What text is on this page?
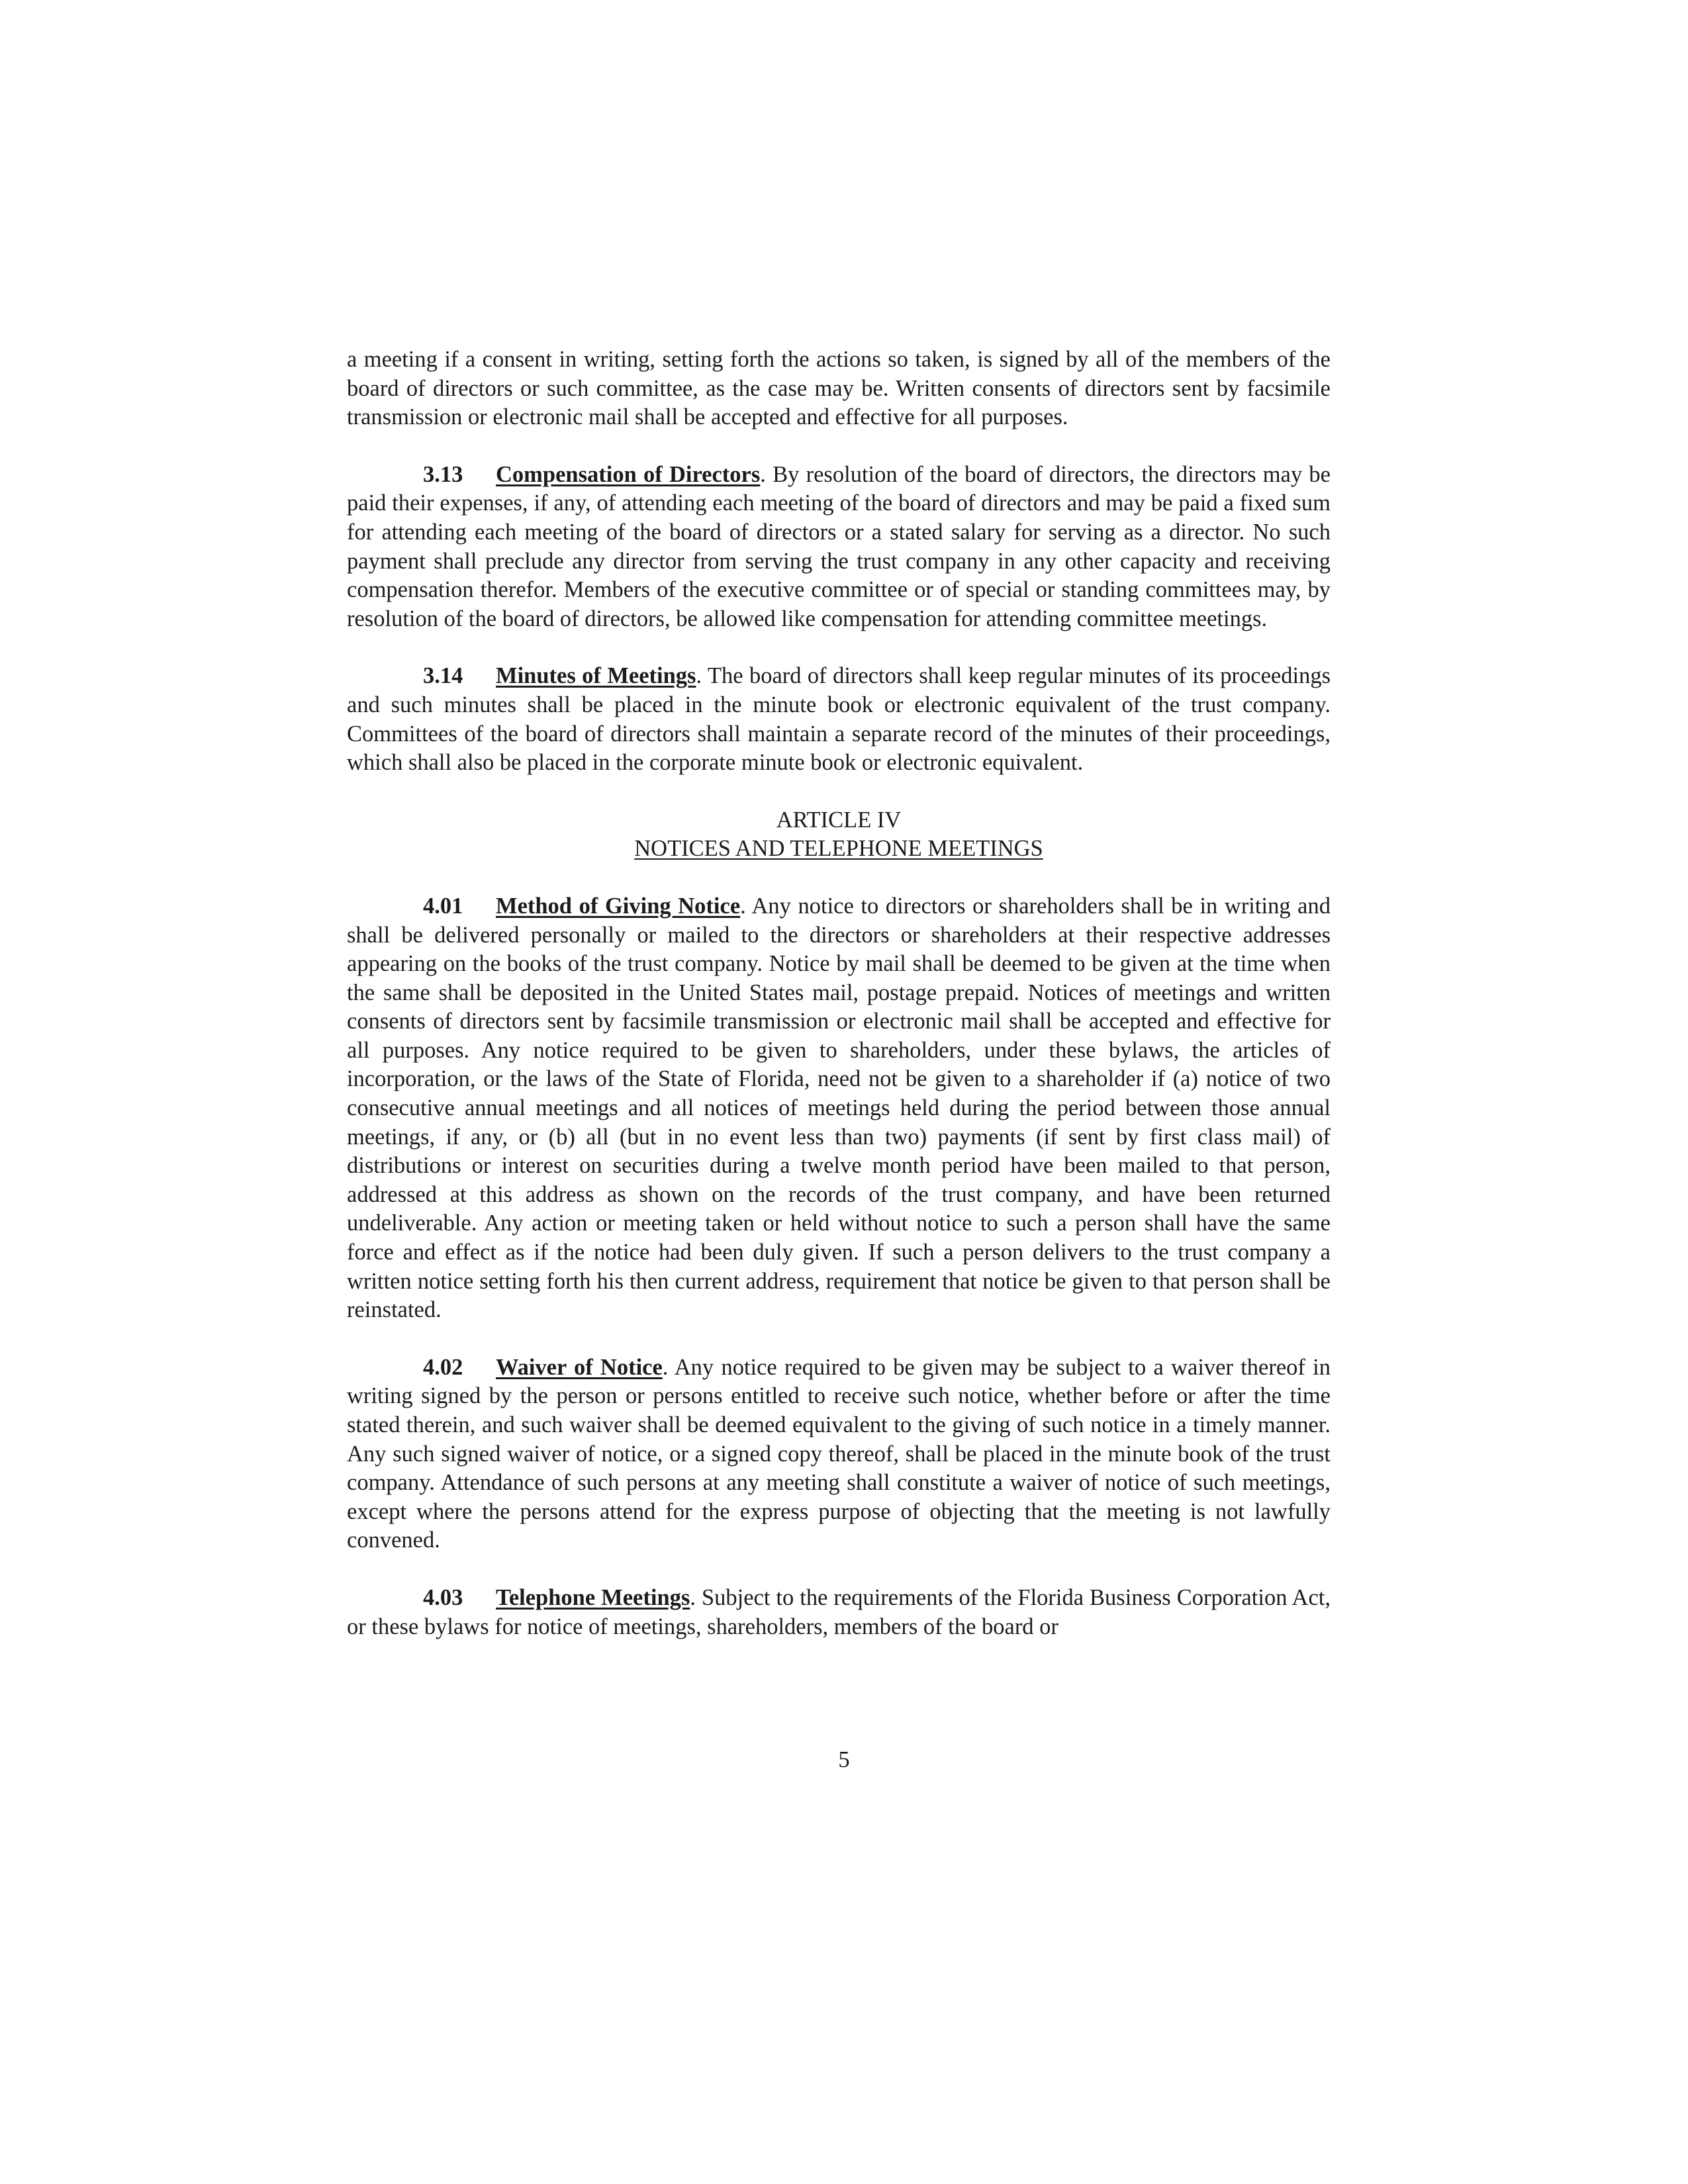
a meeting if a consent in writing, setting forth the actions so taken, is signed by all of the members of the board of directors or such committee, as the case may be. Written consents of directors sent by facsimile transmission or electronic mail shall be accepted and effective for all purposes.

3.13 Compensation of Directors. By resolution of the board of directors, the directors may be paid their expenses, if any, of attending each meeting of the board of directors and may be paid a fixed sum for attending each meeting of the board of directors or a stated salary for serving as a director. No such payment shall preclude any director from serving the trust company in any other capacity and receiving compensation therefor. Members of the executive committee or of special or standing committees may, by resolution of the board of directors, be allowed like compensation for attending committee meetings.

3.14 Minutes of Meetings. The board of directors shall keep regular minutes of its proceedings and such minutes shall be placed in the minute book or electronic equivalent of the trust company. Committees of the board of directors shall maintain a separate record of the minutes of their proceedings, which shall also be placed in the corporate minute book or electronic equivalent.

ARTICLE IV
NOTICES AND TELEPHONE MEETINGS

4.01 Method of Giving Notice. Any notice to directors or shareholders shall be in writing and shall be delivered personally or mailed to the directors or shareholders at their respective addresses appearing on the books of the trust company. Notice by mail shall be deemed to be given at the time when the same shall be deposited in the United States mail, postage prepaid. Notices of meetings and written consents of directors sent by facsimile transmission or electronic mail shall be accepted and effective for all purposes. Any notice required to be given to shareholders, under these bylaws, the articles of incorporation, or the laws of the State of Florida, need not be given to a shareholder if (a) notice of two consecutive annual meetings and all notices of meetings held during the period between those annual meetings, if any, or (b) all (but in no event less than two) payments (if sent by first class mail) of distributions or interest on securities during a twelve month period have been mailed to that person, addressed at this address as shown on the records of the trust company, and have been returned undeliverable. Any action or meeting taken or held without notice to such a person shall have the same force and effect as if the notice had been duly given. If such a person delivers to the trust company a written notice setting forth his then current address, requirement that notice be given to that person shall be reinstated.

4.02 Waiver of Notice. Any notice required to be given may be subject to a waiver thereof in writing signed by the person or persons entitled to receive such notice, whether before or after the time stated therein, and such waiver shall be deemed equivalent to the giving of such notice in a timely manner. Any such signed waiver of notice, or a signed copy thereof, shall be placed in the minute book of the trust company. Attendance of such persons at any meeting shall constitute a waiver of notice of such meetings, except where the persons attend for the express purpose of objecting that the meeting is not lawfully convened.

4.03 Telephone Meetings. Subject to the requirements of the Florida Business Corporation Act, or these bylaws for notice of meetings, shareholders, members of the board or

5
